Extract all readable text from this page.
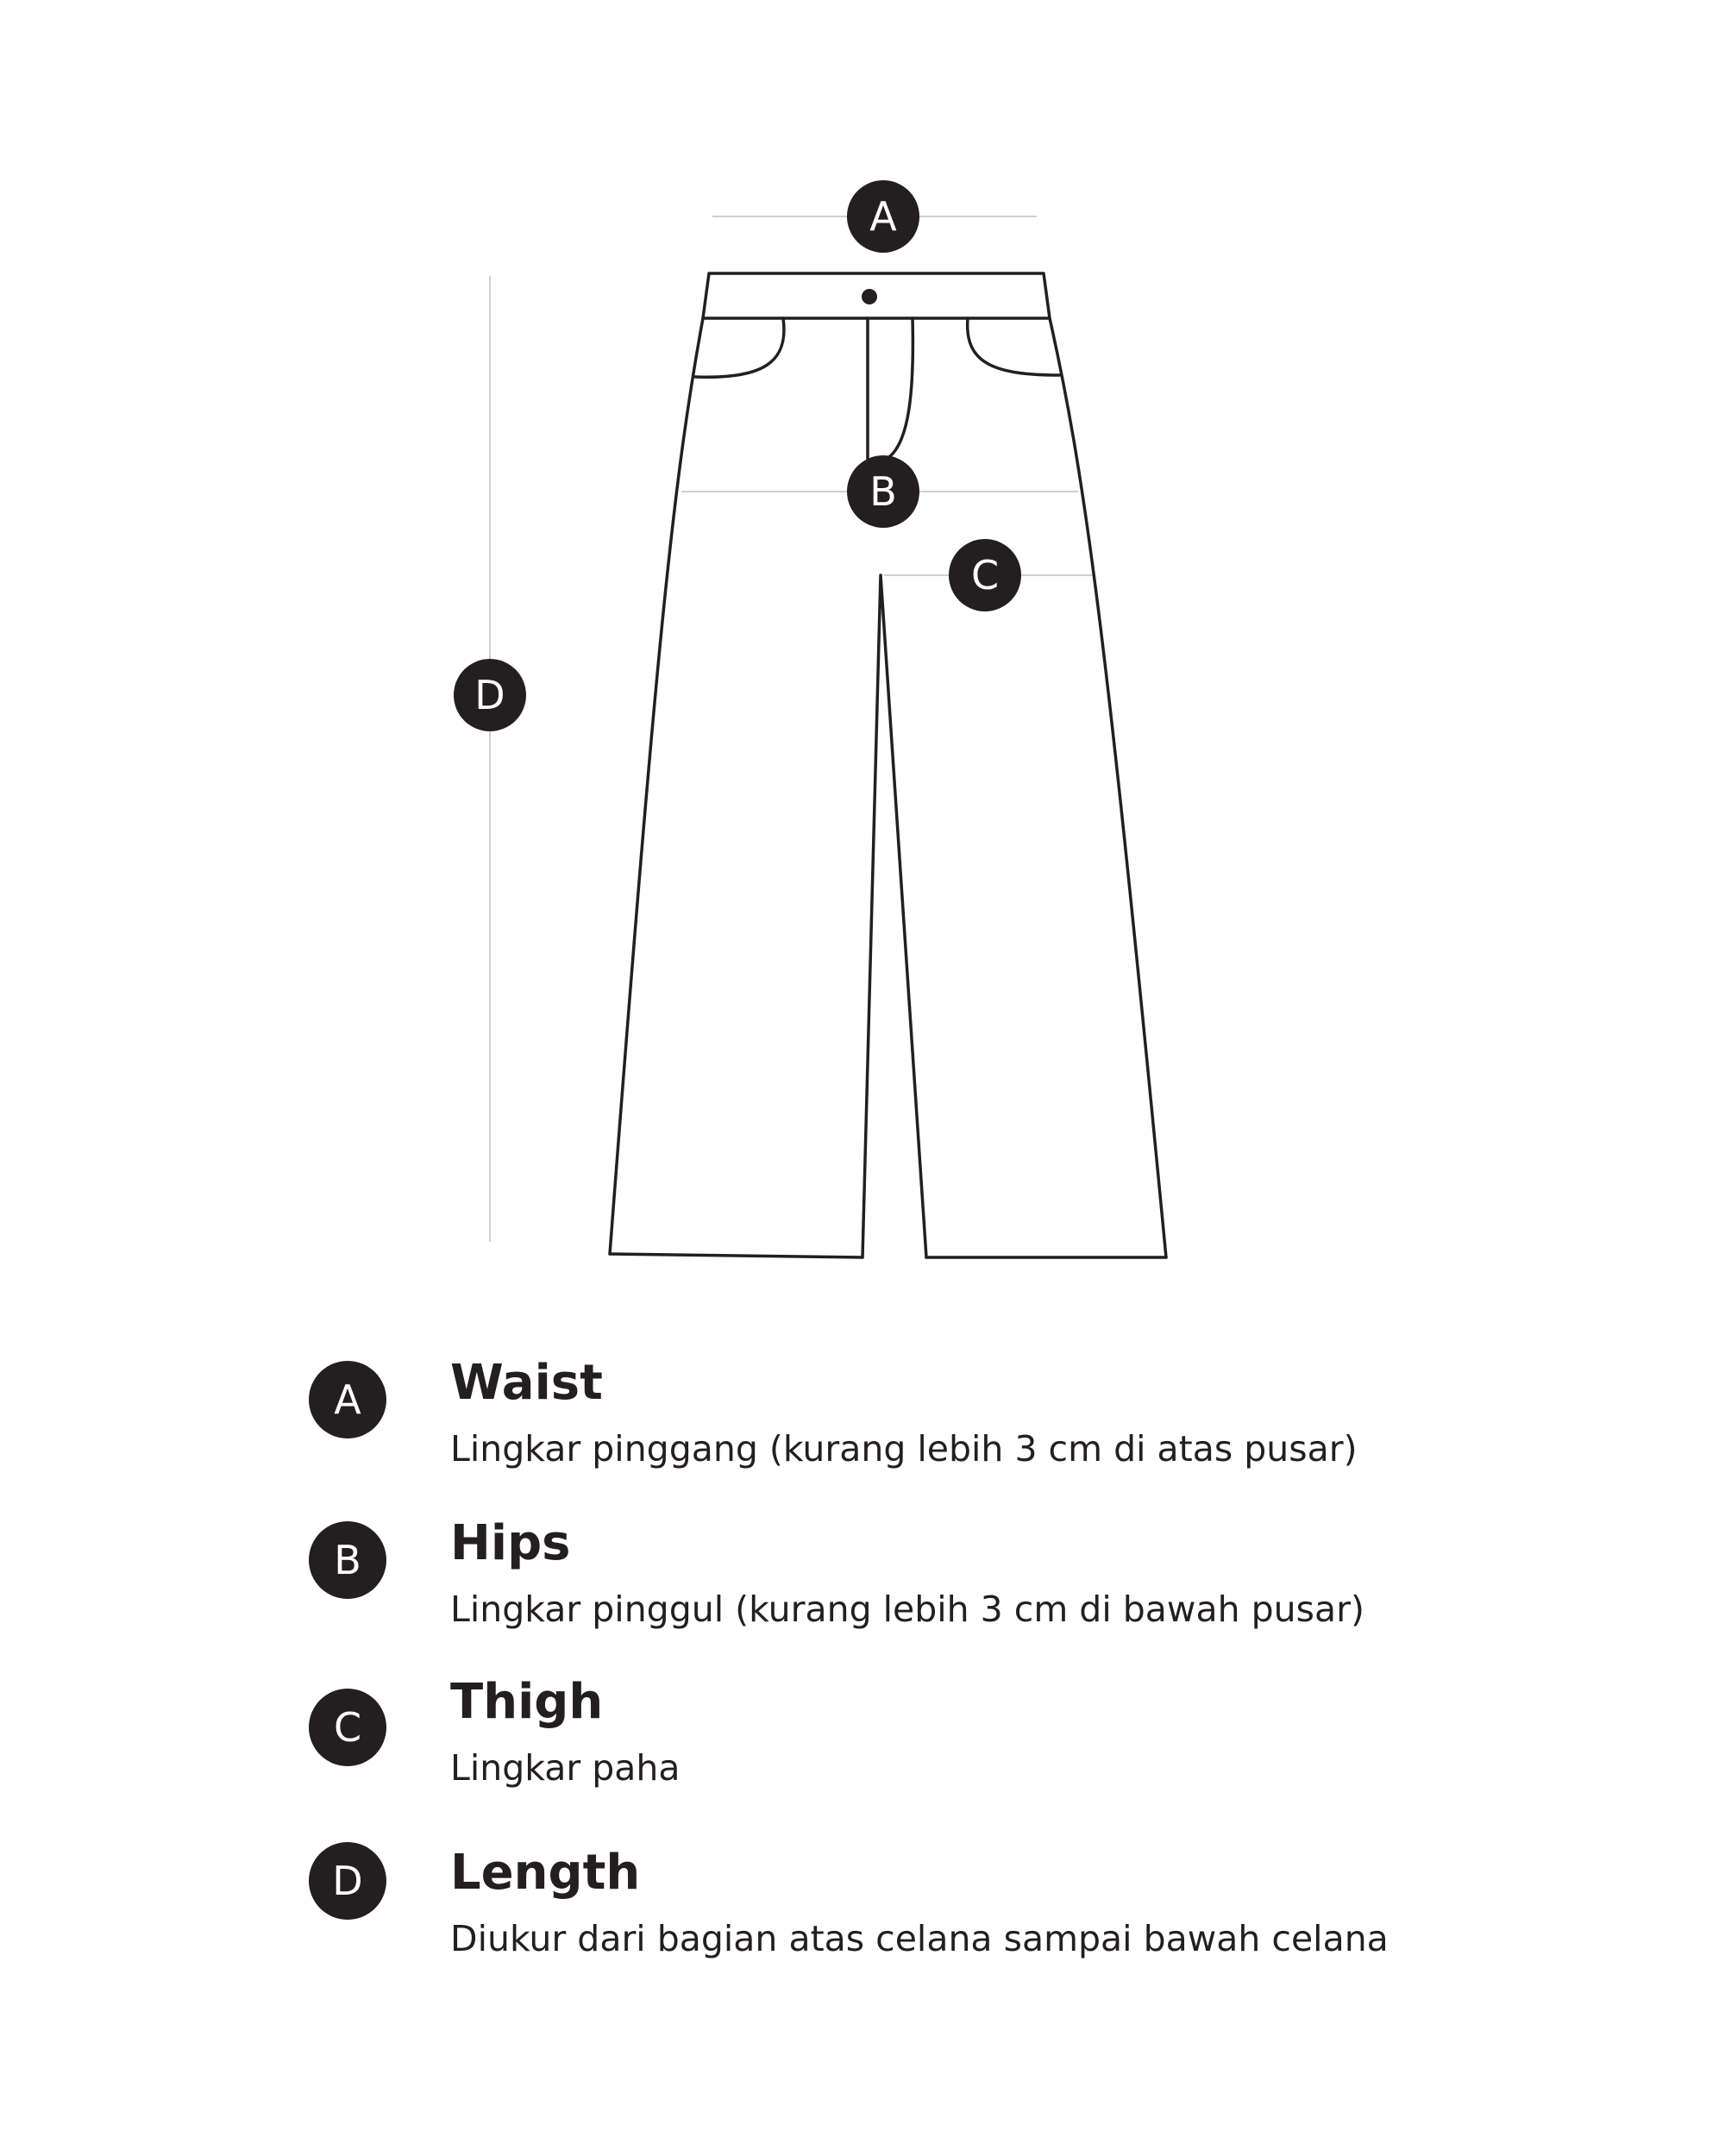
A
B
C
D
A	Waist
Lingkar pinggang (kurang lebih 3 cm di atas pusar)
B	Hips
Lingkar pinggul (kurang lebih 3 cm di bawah pusar)
C	Thigh
Lingkar paha
D	Length
Diukur dari bagian atas celana sampai bawah celana
